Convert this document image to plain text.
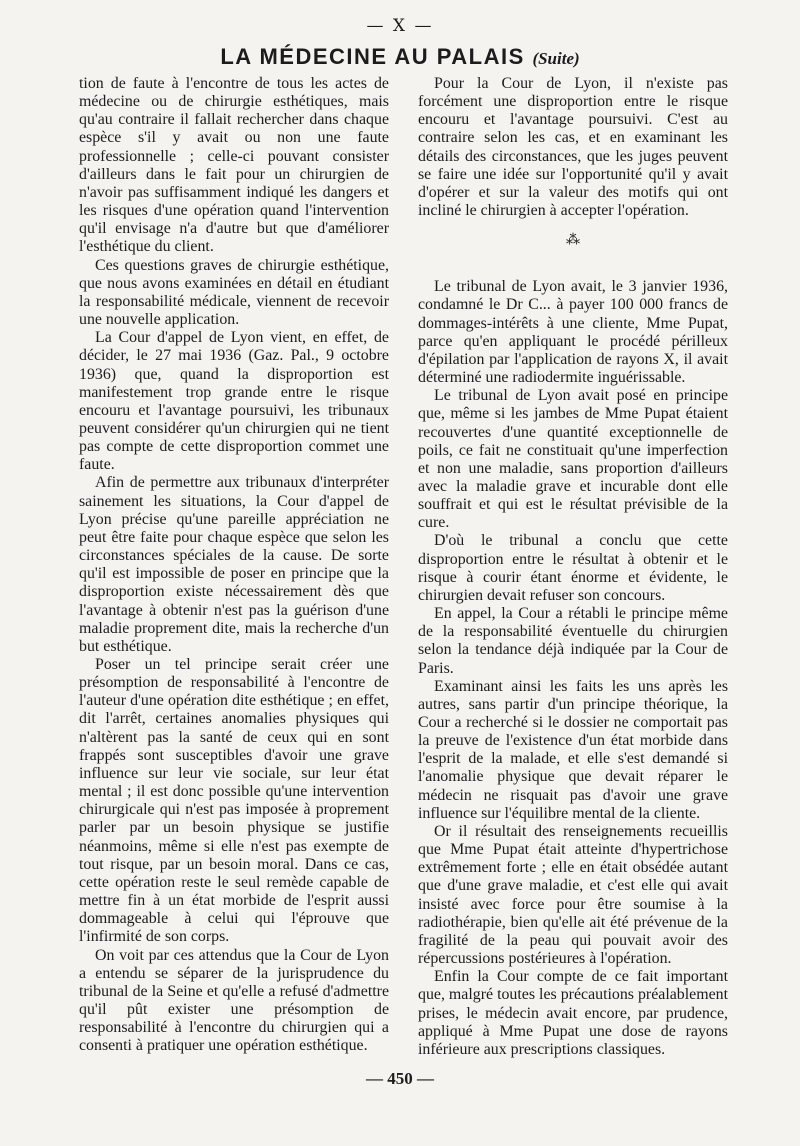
— X —
LA MÉDECINE AU PALAIS (Suite)

tion de faute à l'encontre de tous les actes de médecine ou de chirurgie esthétiques, mais qu'au contraire il fallait rechercher dans chaque espèce s'il y avait ou non une faute professionnelle ; celle-ci pouvant consister d'ailleurs dans le fait pour un chirurgien de n'avoir pas suffisamment indiqué les dangers et les risques d'une opération quand l'intervention qu'il envisage n'a d'autre but que d'améliorer l'esthétique du client.

Ces questions graves de chirurgie esthétique, que nous avons examinées en détail en étudiant la responsabilité médicale, viennent de recevoir une nouvelle application.

La Cour d'appel de Lyon vient, en effet, de décider, le 27 mai 1936 (Gaz. Pal., 9 octobre 1936) que, quand la disproportion est manifestement trop grande entre le risque encouru et l'avantage poursuivi, les tribunaux peuvent considérer qu'un chirurgien qui ne tient pas compte de cette disproportion commet une faute.

Afin de permettre aux tribunaux d'interpréter sainement les situations, la Cour d'appel de Lyon précise qu'une pareille appréciation ne peut être faite pour chaque espèce que selon les circonstances spéciales de la cause. De sorte qu'il est impossible de poser en principe que la disproportion existe nécessairement dès que l'avantage à obtenir n'est pas la guérison d'une maladie proprement dite, mais la recherche d'un but esthétique.

Poser un tel principe serait créer une présomption de responsabilité à l'encontre de l'auteur d'une opération dite esthétique ; en effet, dit l'arrêt, certaines anomalies physiques qui n'altèrent pas la santé de ceux qui en sont frappés sont susceptibles d'avoir une grave influence sur leur vie sociale, sur leur état mental ; il est donc possible qu'une intervention chirurgicale qui n'est pas imposée à proprement parler par un besoin physique se justifie néanmoins, même si elle n'est pas exempte de tout risque, par un besoin moral. Dans ce cas, cette opération reste le seul remède capable de mettre fin à un état morbide de l'esprit aussi dommageable à celui qui l'éprouve que l'infirmité de son corps.

On voit par ces attendus que la Cour de Lyon a entendu se séparer de la jurisprudence du tribunal de la Seine et qu'elle a refusé d'admettre qu'il pût exister une présomption de responsabilité à l'encontre du chirurgien qui a consenti à pratiquer une opération esthétique.

Pour la Cour de Lyon, il n'existe pas forcément une disproportion entre le risque encouru et l'avantage poursuivi. C'est au contraire selon les cas, et en examinant les détails des circonstances, que les juges peuvent se faire une idée sur l'opportunité qu'il y avait d'opérer et sur la valeur des motifs qui ont incliné le chirurgien à accepter l'opération.

⁂

Le tribunal de Lyon avait, le 3 janvier 1936, condamné le Dr C... à payer 100 000 francs de dommages-intérêts à une cliente, Mme Pupat, parce qu'en appliquant le procédé périlleux d'épilation par l'application de rayons X, il avait déterminé une radiodermite inguérissable.

Le tribunal de Lyon avait posé en principe que, même si les jambes de Mme Pupat étaient recouvertes d'une quantité exceptionnelle de poils, ce fait ne constituait qu'une imperfection et non une maladie, sans proportion d'ailleurs avec la maladie grave et incurable dont elle souffrait et qui est le résultat prévisible de la cure.

D'où le tribunal a conclu que cette disproportion entre le résultat à obtenir et le risque à courir étant énorme et évidente, le chirurgien devait refuser son concours.

En appel, la Cour a rétabli le principe même de la responsabilité éventuelle du chirurgien selon la tendance déjà indiquée par la Cour de Paris.

Examinant ainsi les faits les uns après les autres, sans partir d'un principe théorique, la Cour a recherché si le dossier ne comportait pas la preuve de l'existence d'un état morbide dans l'esprit de la malade, et elle s'est demandé si l'anomalie physique que devait réparer le médecin ne risquait pas d'avoir une grave influence sur l'équilibre mental de la cliente.

Or il résultait des renseignements recueillis que Mme Pupat était atteinte d'hypertrichose extrêmement forte ; elle en était obsédée autant que d'une grave maladie, et c'est elle qui avait insisté avec force pour être soumise à la radiothérapie, bien qu'elle ait été prévenue de la fragilité de la peau qui pouvait avoir des répercussions postérieures à l'opération.

Enfin la Cour compte de ce fait important que, malgré toutes les précautions préalablement prises, le médecin avait encore, par prudence, appliqué à Mme Pupat une dose de rayons inférieure aux prescriptions classiques.

— 450 —
